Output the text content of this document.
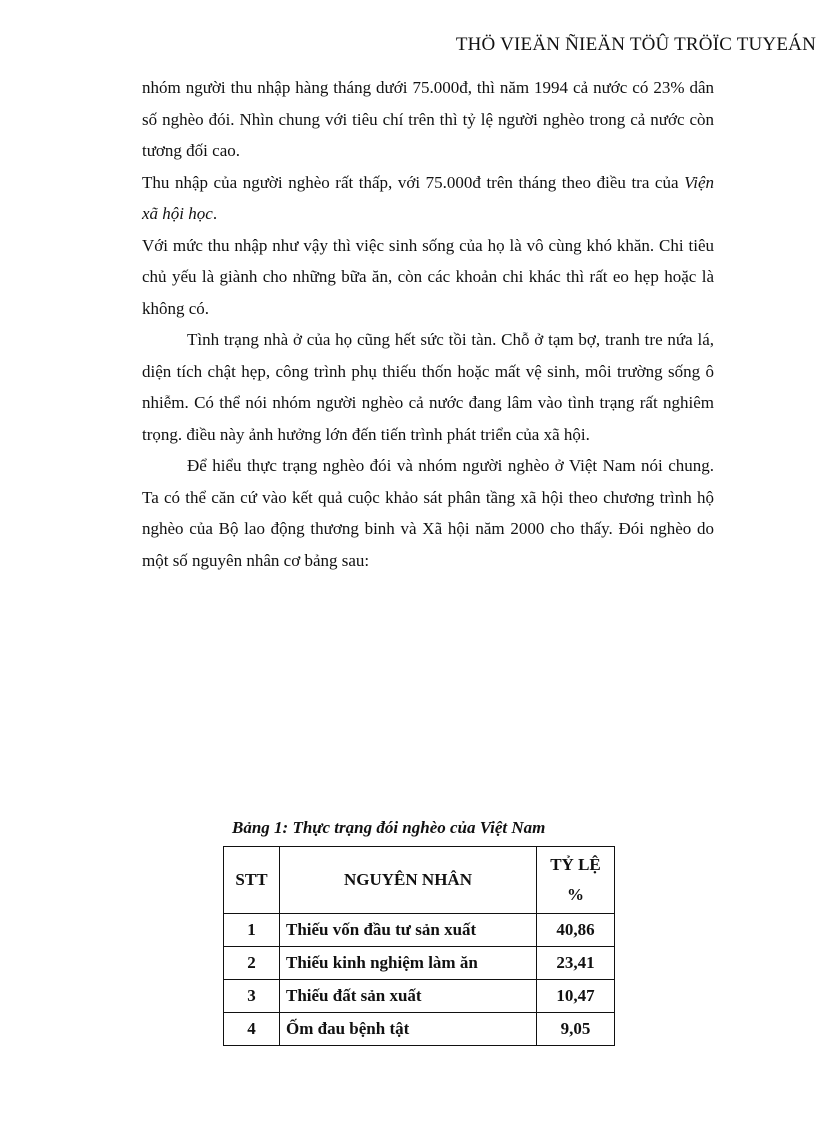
THÖ VIEÄN ÑIEÄN TÖÛ TRÖÏC TUYEÁN

nhóm người thu nhập hàng tháng dưới 75.000đ, thì năm 1994 cả nước có 23% dân số nghèo đói. Nhìn chung với tiêu chí trên thì tỷ lệ người nghèo trong cả nước còn tương đối cao.

Thu nhập của người nghèo rất thấp, với 75.000đ trên tháng theo điều tra của Viện xã hội học.

Với mức thu nhập như vậy thì việc sinh sống của họ là vô cùng khó khăn. Chi tiêu chủ yếu là giành cho những bữa ăn, còn các khoản chi khác thì rất eo hẹp hoặc là không có.

Tình trạng nhà ở của họ cũng hết sức tồi tàn. Chỗ ở tạm bợ, tranh tre nứa lá, diện tích chật hẹp, công trình phụ thiếu thốn hoặc mất vệ sinh, môi trường sống ô nhiễm. Có thể nói nhóm người nghèo cả nước đang lâm vào tình trạng rất nghiêm trọng. điều này ảnh hưởng lớn đến tiến trình phát triển của xã hội.

Để hiểu thực trạng nghèo đói và nhóm người nghèo ở Việt Nam nói chung. Ta có thể căn cứ vào kết quả cuộc khảo sát phân tầng xã hội theo chương trình hộ nghèo của Bộ lao động thương binh và Xã hội năm 2000 cho thấy. Đói nghèo do một số nguyên nhân cơ bảng sau:

Bảng 1: Thực trạng đói nghèo của Việt Nam
STT	NGUYÊN NHÂN	TỶ LỆ
%

1	Thiếu vốn đầu tư sản xuất	40,86
2	Thiếu kinh nghiệm làm ăn	23,41
3	Thiếu đất sản xuất	10,47
4	Ốm đau bệnh tật	9,05
